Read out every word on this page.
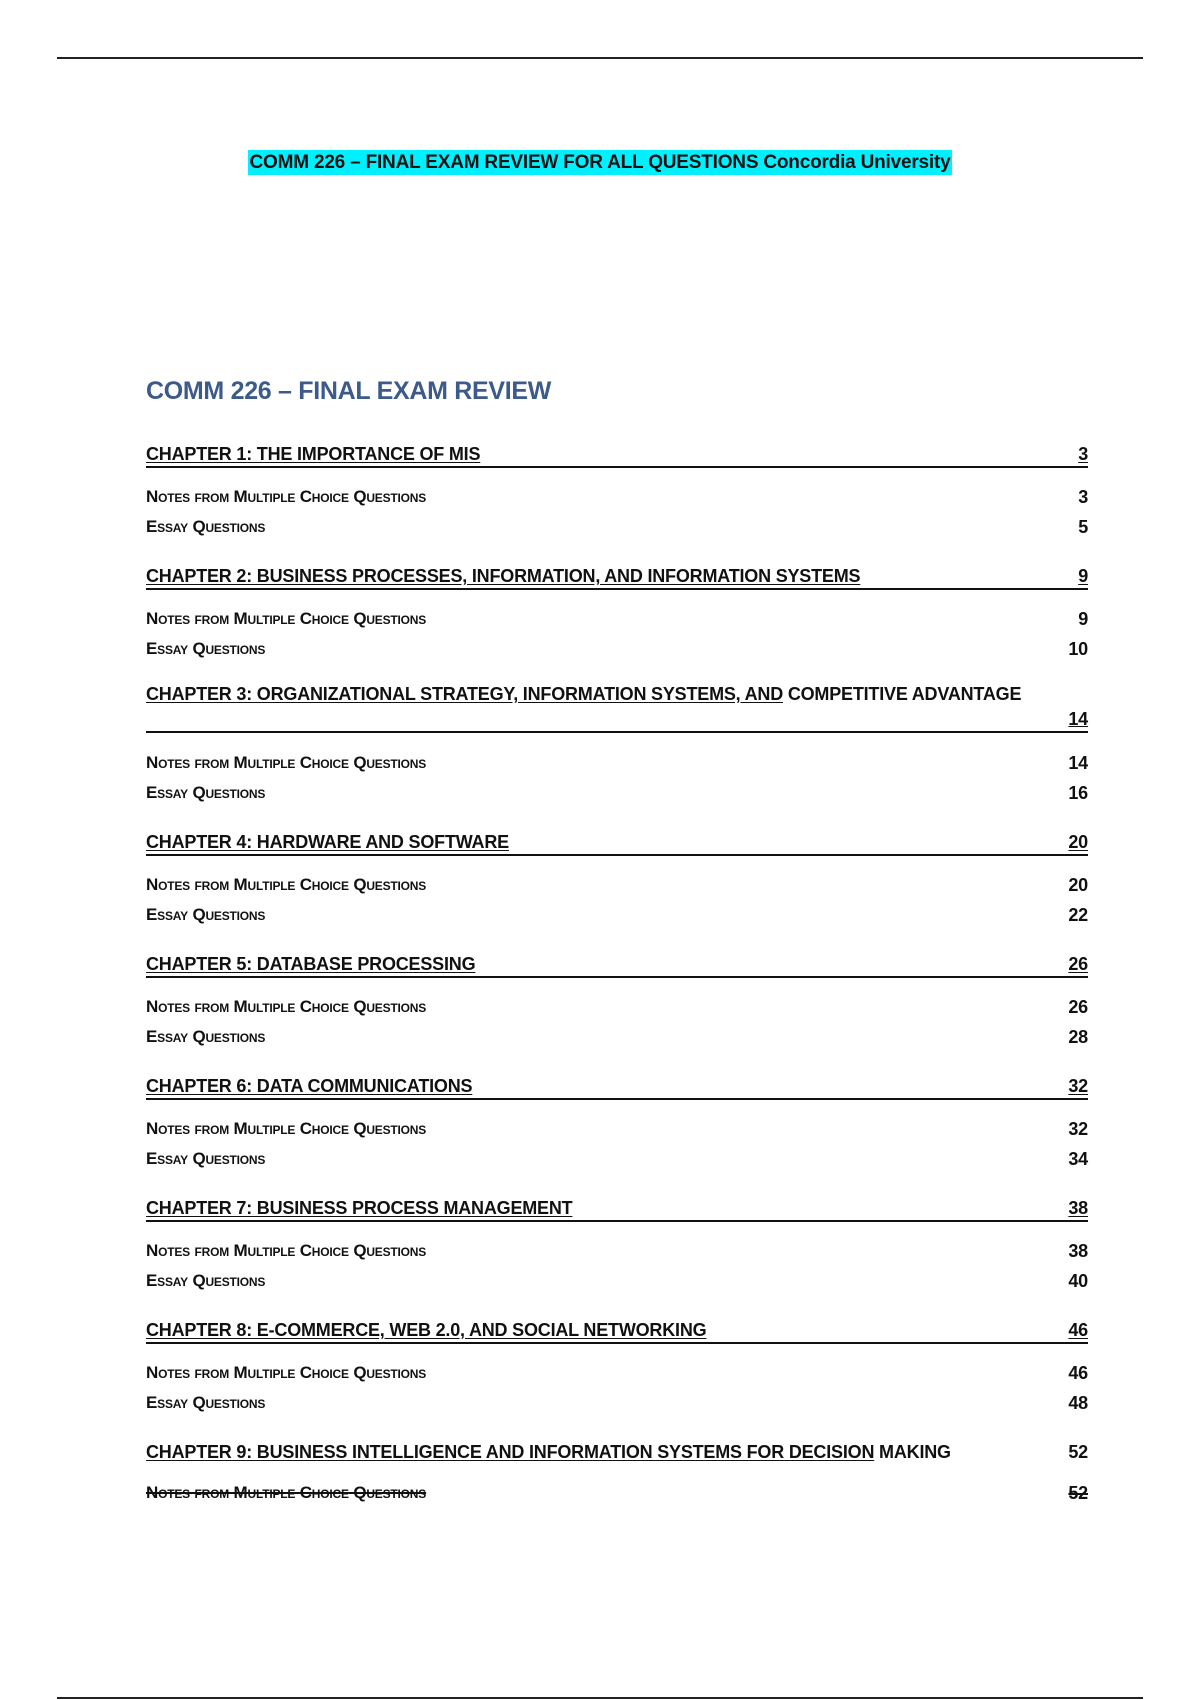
COMM 226 – FINAL EXAM REVIEW FOR ALL QUESTIONS Concordia University
COMM 226 – FINAL EXAM REVIEW
CHAPTER 1: THE IMPORTANCE OF MIS	3
Notes from Multiple Choice Questions	3
Essay Questions	5
CHAPTER 2: BUSINESS PROCESSES, INFORMATION, AND INFORMATION SYSTEMS	9
Notes from Multiple Choice Questions	9
Essay Questions	10
CHAPTER 3: ORGANIZATIONAL STRATEGY, INFORMATION SYSTEMS, AND COMPETITIVE ADVANTAGE
14
Notes from Multiple Choice Questions	14
Essay Questions	16
CHAPTER 4: HARDWARE AND SOFTWARE	20
Notes from Multiple Choice Questions	20
Essay Questions	22
CHAPTER 5: DATABASE PROCESSING	26
Notes from Multiple Choice Questions	26
Essay Questions	28
CHAPTER 6: DATA COMMUNICATIONS	32
Notes from Multiple Choice Questions	32
Essay Questions	34
CHAPTER 7: BUSINESS PROCESS MANAGEMENT	38
Notes from Multiple Choice Questions	38
Essay Questions	40
CHAPTER 8: E-COMMERCE, WEB 2.0, AND SOCIAL NETWORKING	46
Notes from Multiple Choice Questions	46
Essay Questions	48
CHAPTER 9: BUSINESS INTELLIGENCE AND INFORMATION SYSTEMS FOR DECISION MAKING	52
Notes from Multiple Choice Questions	52
